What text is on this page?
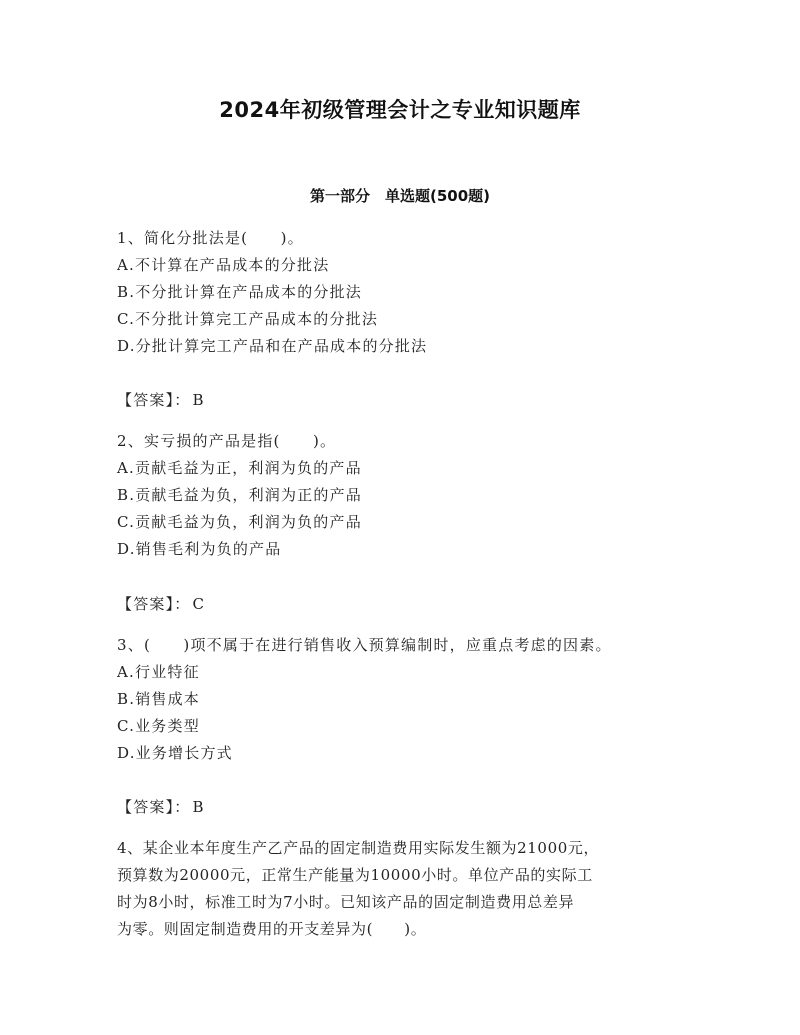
2024年初级管理会计之专业知识题库
第一部分　单选题(500题)
1、简化分批法是(　　)。
A.不计算在产品成本的分批法
B.不分批计算在产品成本的分批法
C.不分批计算完工产品成本的分批法
D.分批计算完工产品和在产品成本的分批法
【答案】： B
2、实亏损的产品是指(　　)。
A.贡献毛益为正，利润为负的产品
B.贡献毛益为负，利润为正的产品
C.贡献毛益为负，利润为负的产品
D.销售毛利为负的产品
【答案】： C
3、(　　)项不属于在进行销售收入预算编制时，应重点考虑的因素。
A.行业特征
B.销售成本
C.业务类型
D.业务增长方式
【答案】： B
4、某企业本年度生产乙产品的固定制造费用实际发生额为21000元，
预算数为20000元，正常生产能量为10000小时。单位产品的实际工
时为8小时，标准工时为7小时。已知该产品的固定制造费用总差异
为零。则固定制造费用的开支差异为(　　)。
